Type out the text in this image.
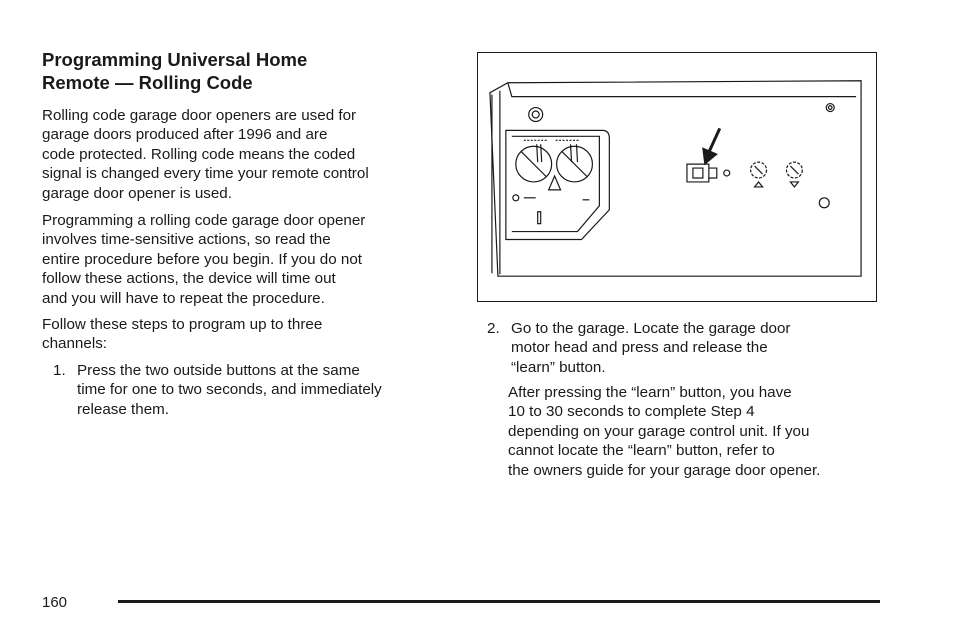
Programming Universal Home
Remote — Rolling Code

Rolling code garage door openers are used for
garage doors produced after 1996 and are
code protected. Rolling code means the coded
signal is changed every time your remote control
garage door opener is used.

Programming a rolling code garage door opener
involves time-sensitive actions, so read the
entire procedure before you begin. If you do not
follow these actions, the device will time out
and you will have to repeat the procedure.

Follow these steps to program up to three
channels:

1. Press the two outside buttons at the same
time for one to two seconds, and immediately
release them.
2. Go to the garage. Locate the garage door
motor head and press and release the
“learn” button.

After pressing the “learn” button, you have
10 to 30 seconds to complete Step 4
depending on your garage control unit. If you
cannot locate the “learn” button, refer to
the owners guide for your garage door opener.

160
